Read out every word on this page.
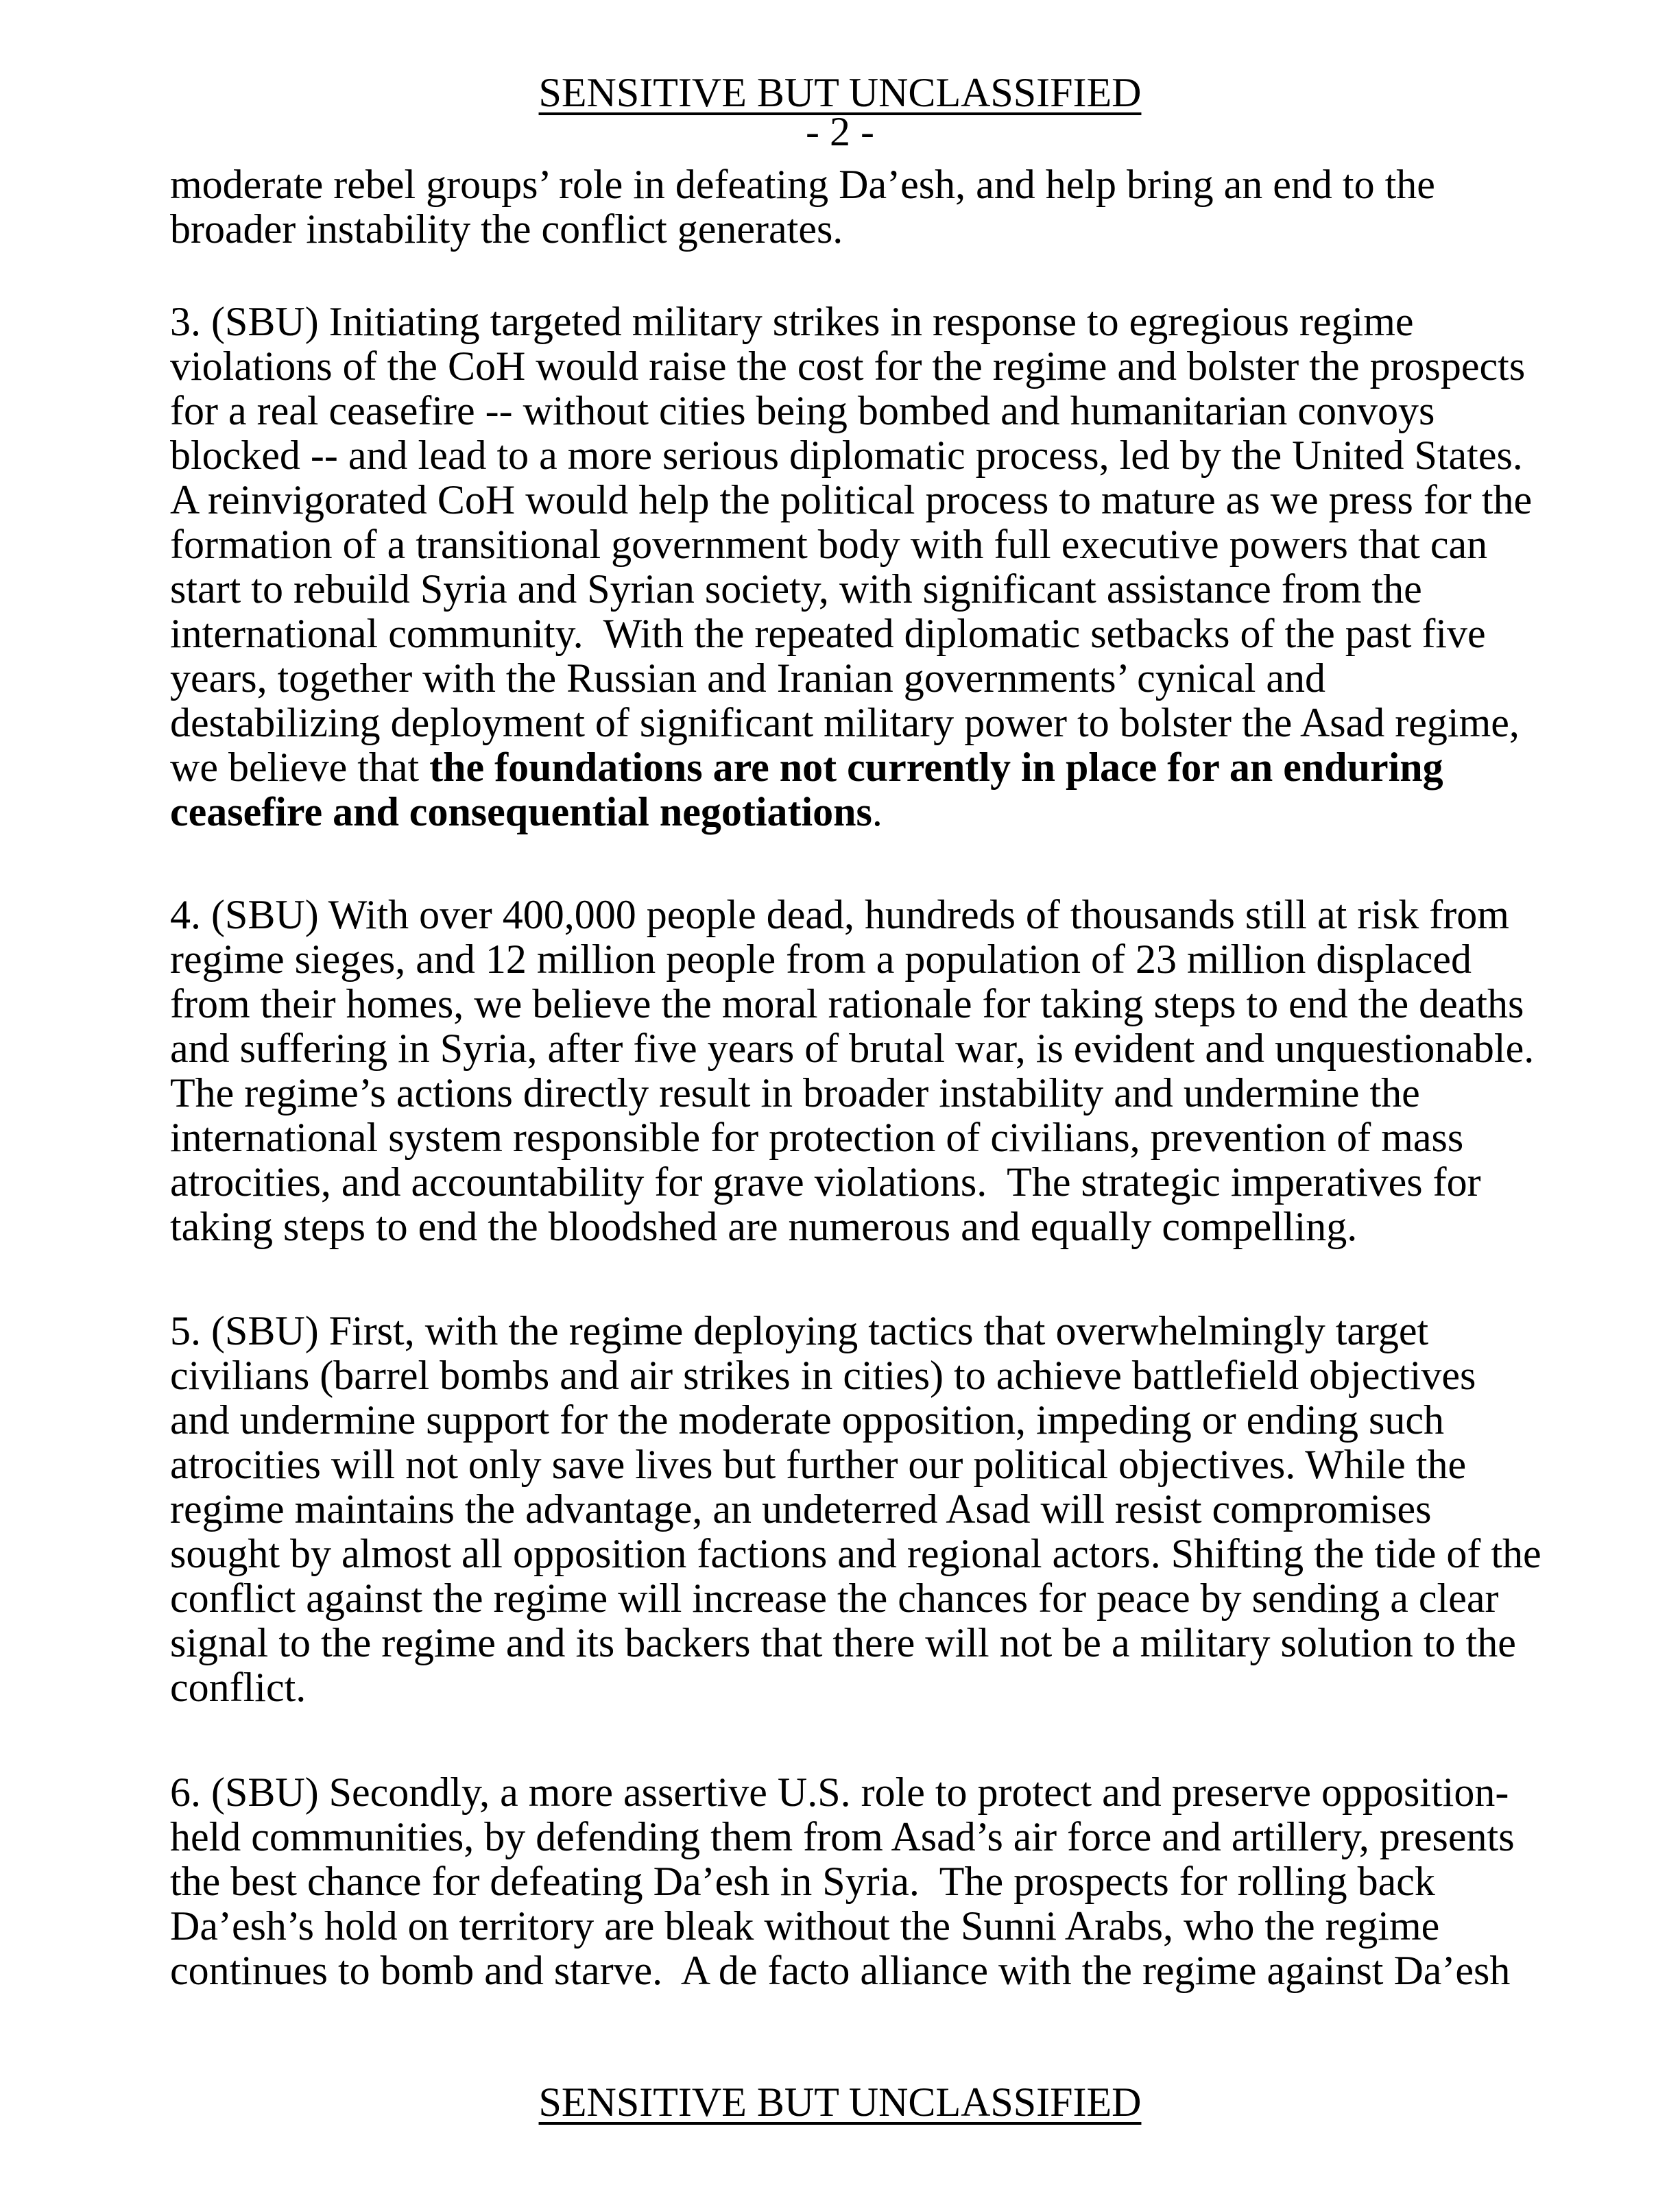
SENSITIVE BUT UNCLASSIFIED
- 2 -
moderate rebel groups’ role in defeating Da’esh, and help bring an end to the
broader instability the conflict generates.
3. (SBU) Initiating targeted military strikes in response to egregious regime
violations of the CoH would raise the cost for the regime and bolster the prospects
for a real ceasefire -- without cities being bombed and humanitarian convoys
blocked -- and lead to a more serious diplomatic process, led by the United States.
A reinvigorated CoH would help the political process to mature as we press for the
formation of a transitional government body with full executive powers that can
start to rebuild Syria and Syrian society, with significant assistance from the
international community.  With the repeated diplomatic setbacks of the past five
years, together with the Russian and Iranian governments’ cynical and
destabilizing deployment of significant military power to bolster the Asad regime,
we believe that the foundations are not currently in place for an enduring
ceasefire and consequential negotiations.
4. (SBU) With over 400,000 people dead, hundreds of thousands still at risk from
regime sieges, and 12 million people from a population of 23 million displaced
from their homes, we believe the moral rationale for taking steps to end the deaths
and suffering in Syria, after five years of brutal war, is evident and unquestionable.
The regime’s actions directly result in broader instability and undermine the
international system responsible for protection of civilians, prevention of mass
atrocities, and accountability for grave violations.  The strategic imperatives for
taking steps to end the bloodshed are numerous and equally compelling.
5. (SBU) First, with the regime deploying tactics that overwhelmingly target
civilians (barrel bombs and air strikes in cities) to achieve battlefield objectives
and undermine support for the moderate opposition, impeding or ending such
atrocities will not only save lives but further our political objectives. While the
regime maintains the advantage, an undeterred Asad will resist compromises
sought by almost all opposition factions and regional actors. Shifting the tide of the
conflict against the regime will increase the chances for peace by sending a clear
signal to the regime and its backers that there will not be a military solution to the
conflict.
6. (SBU) Secondly, a more assertive U.S. role to protect and preserve opposition-
held communities, by defending them from Asad’s air force and artillery, presents
the best chance for defeating Da’esh in Syria.  The prospects for rolling back
Da’esh’s hold on territory are bleak without the Sunni Arabs, who the regime
continues to bomb and starve.  A de facto alliance with the regime against Da’esh
SENSITIVE BUT UNCLASSIFIED
